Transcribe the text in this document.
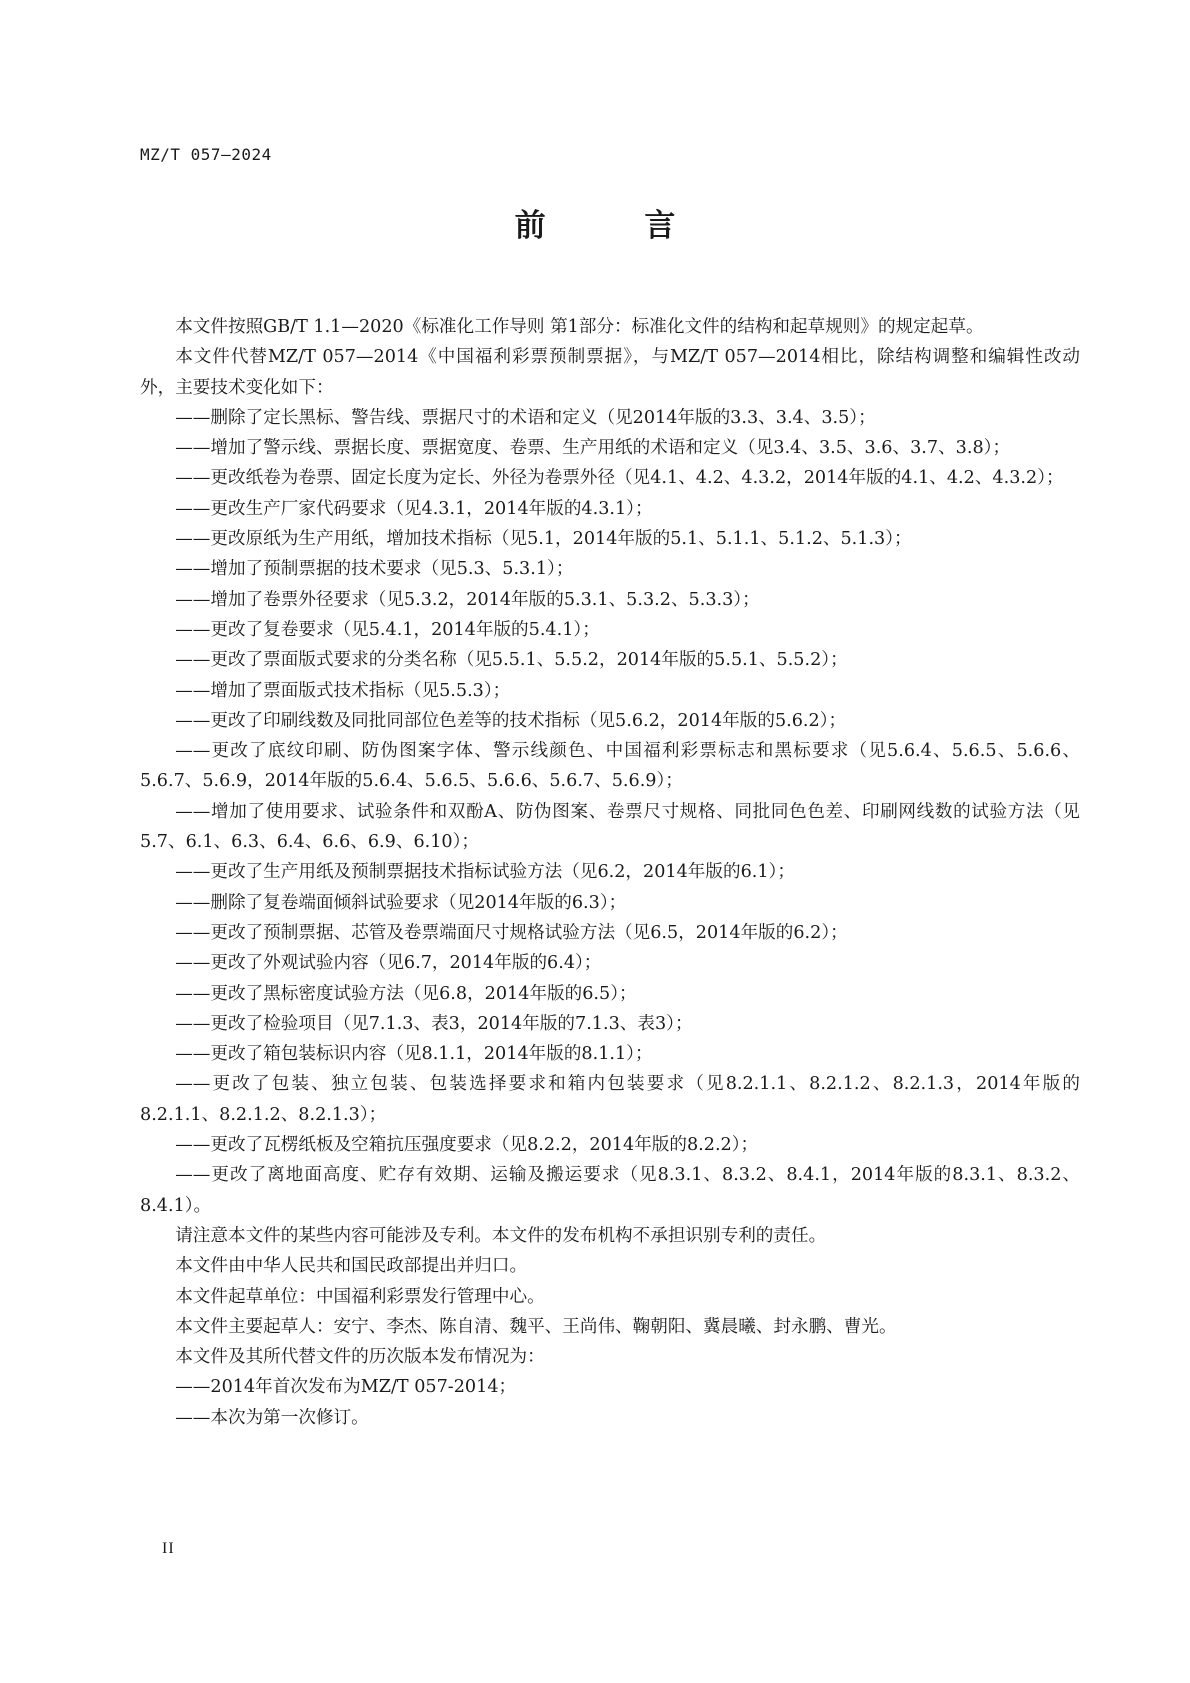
MZ/T 057—2024
前 言

本文件按照GB/T 1.1—2020《标准化工作导则 第1部分：标准化文件的结构和起草规则》的规定起草。

本文件代替MZ/T 057—2014《中国福利彩票预制票据》，与MZ/T 057—2014相比，除结构调整和编辑性改动外，主要技术变化如下：

——删除了定长黑标、警告线、票据尺寸的术语和定义（见2014年版的3.3、3.4、3.5）；

——增加了警示线、票据长度、票据宽度、卷票、生产用纸的术语和定义（见3.4、3.5、3.6、3.7、3.8）；

——更改纸卷为卷票、固定长度为定长、外径为卷票外径（见4.1、4.2、4.3.2，2014年版的4.1、4.2、4.3.2）；

——更改生产厂家代码要求（见4.3.1，2014年版的4.3.1）；

——更改原纸为生产用纸，增加技术指标（见5.1，2014年版的5.1、5.1.1、5.1.2、5.1.3）；

——增加了预制票据的技术要求（见5.3、5.3.1）；

——增加了卷票外径要求（见5.3.2，2014年版的5.3.1、5.3.2、5.3.3）；

——更改了复卷要求（见5.4.1，2014年版的5.4.1）；

——更改了票面版式要求的分类名称（见5.5.1、5.5.2，2014年版的5.5.1、5.5.2）；

——增加了票面版式技术指标（见5.5.3）；

——更改了印刷线数及同批同部位色差等的技术指标（见5.6.2，2014年版的5.6.2）；

——更改了底纹印刷、防伪图案字体、警示线颜色、中国福利彩票标志和黑标要求（见5.6.4、5.6.5、5.6.6、5.6.7、5.6.9，2014年版的5.6.4、5.6.5、5.6.6、5.6.7、5.6.9）；

——增加了使用要求、试验条件和双酚A、防伪图案、卷票尺寸规格、同批同色色差、印刷网线数的试验方法（见5.7、6.1、6.3、6.4、6.6、6.9、6.10）；

——更改了生产用纸及预制票据技术指标试验方法（见6.2，2014年版的6.1）；

——删除了复卷端面倾斜试验要求（见2014年版的6.3）；

——更改了预制票据、芯管及卷票端面尺寸规格试验方法（见6.5，2014年版的6.2）；

——更改了外观试验内容（见6.7，2014年版的6.4）；

——更改了黑标密度试验方法（见6.8，2014年版的6.5）；

——更改了检验项目（见7.1.3、表3，2014年版的7.1.3、表3）；

——更改了箱包装标识内容（见8.1.1，2014年版的8.1.1）；

——更改了包装、独立包装、包装选择要求和箱内包装要求（见8.2.1.1、8.2.1.2、8.2.1.3，2014年版的8.2.1.1、8.2.1.2、8.2.1.3）；

——更改了瓦楞纸板及空箱抗压强度要求（见8.2.2，2014年版的8.2.2）；

——更改了离地面高度、贮存有效期、运输及搬运要求（见8.3.1、8.3.2、8.4.1，2014年版的8.3.1、8.3.2、8.4.1）。

请注意本文件的某些内容可能涉及专利。本文件的发布机构不承担识别专利的责任。

本文件由中华人民共和国民政部提出并归口。

本文件起草单位：中国福利彩票发行管理中心。

本文件主要起草人：安宁、李杰、陈自清、魏平、王尚伟、鞠朝阳、冀晨曦、封永鹏、曹光。

本文件及其所代替文件的历次版本发布情况为：

——2014年首次发布为MZ/T 057-2014；

——本次为第一次修订。

II
